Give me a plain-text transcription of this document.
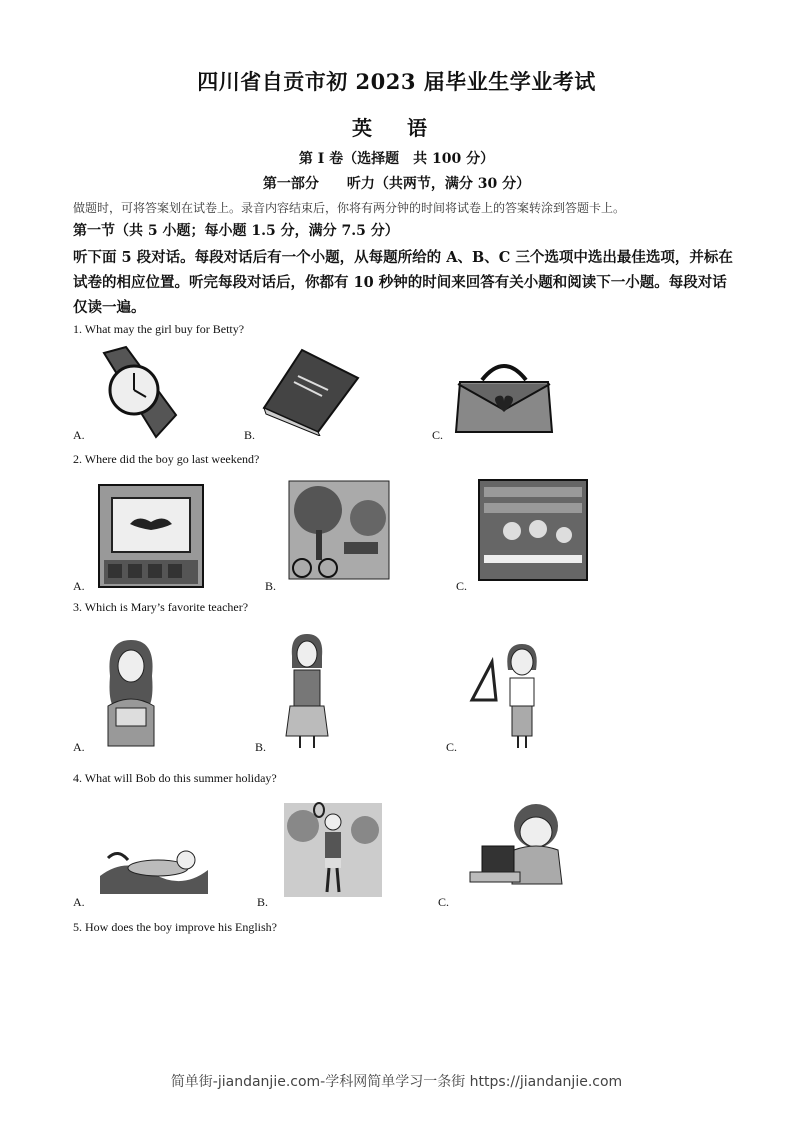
四川省自贡市初 2023 届毕业生学业考试
英 语
第 I 卷（选择题　共 100 分）
第一部分　　听力（共两节，满分 30 分）
做题时，可将答案划在试卷上。录音内容结束后，你将有两分钟的时间将试卷上的答案转涂到答题卡上。
第一节（共 5 小题；每小题 1.5 分，满分 7.5 分）
听下面 5 段对话。每段对话后有一个小题，从每题所给的 A、B、C 三个选项中选出最佳选项，并标在试卷的相应位置。听完每段对话后，你都有 10 秒钟的时间来回答有关小题和阅读下一小题。每段对话仅读一遍。
1. What may the girl buy for Betty?
A.	B.	C.
2. Where did the boy go last weekend?
A.	B.	C.
3. Which is Mary’s favorite teacher?
A.	B.	C.
4. What will Bob do this summer holiday?
A.	B.	C.
5. How does the boy improve his English?
简单街-jiandanjie.com-学科网简单学习一条街 https://jiandanjie.com
